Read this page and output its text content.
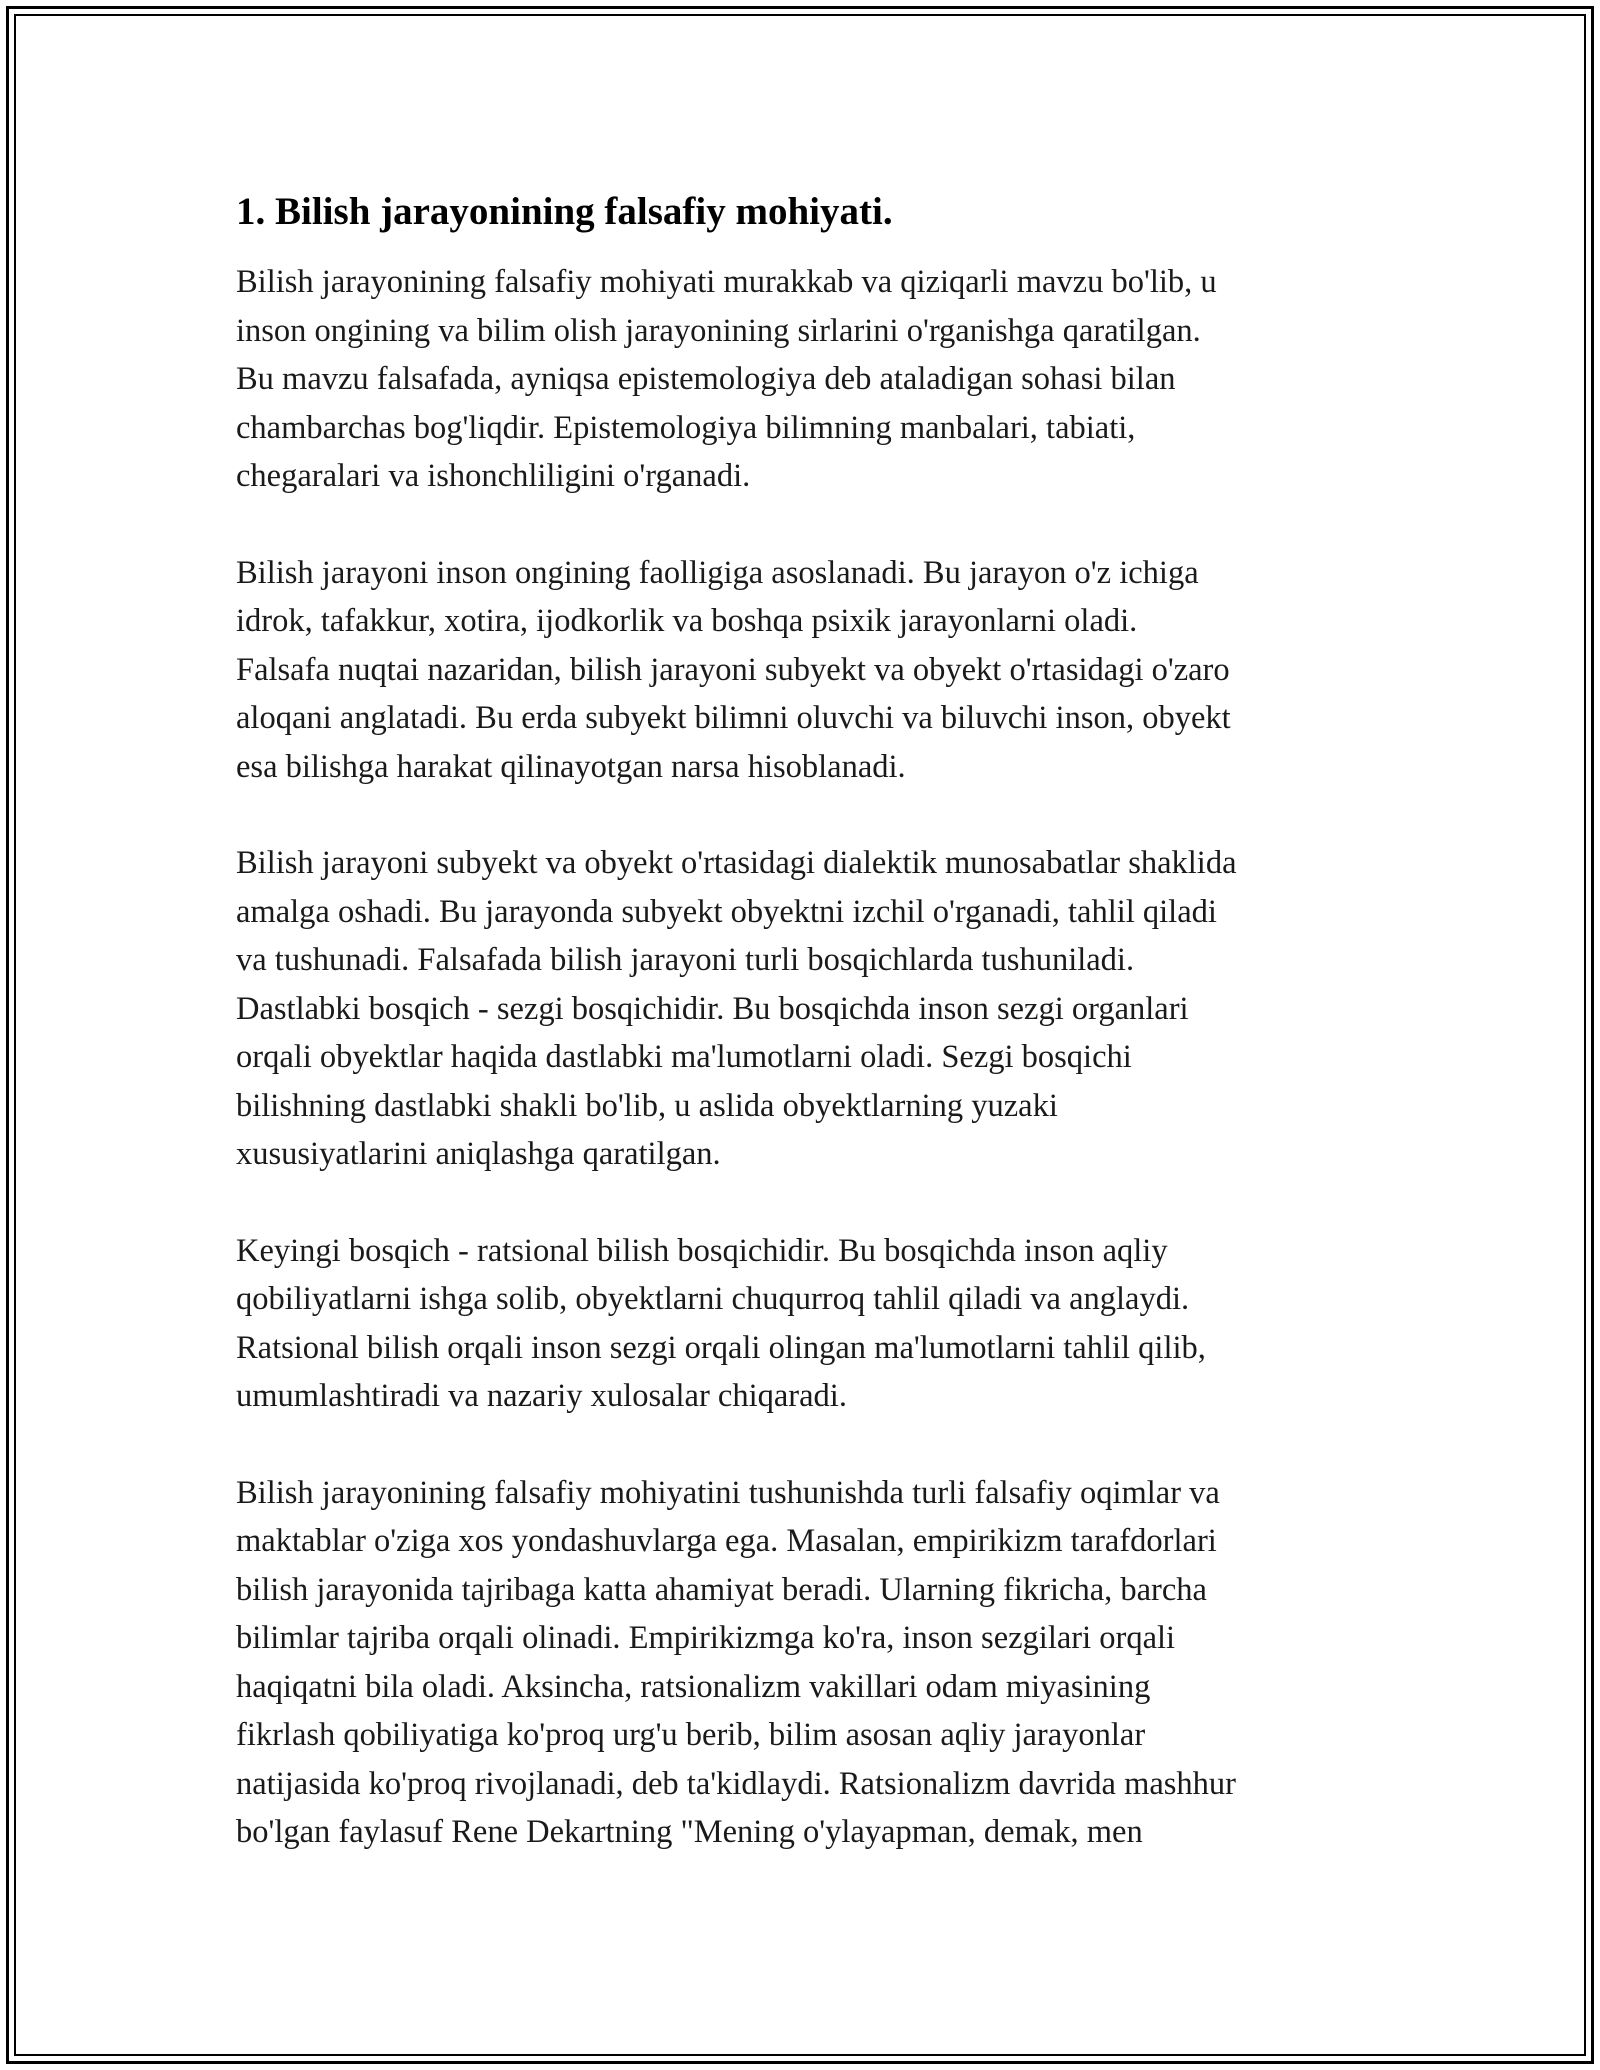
1. Bilish jarayonining falsafiy mohiyati.
Bilish jarayonining falsafiy mohiyati murakkab va qiziqarli mavzu bo'lib, u
inson ongining va bilim olish jarayonining sirlarini o'rganishga qaratilgan.
Bu mavzu falsafada, ayniqsa epistemologiya deb ataladigan sohasi bilan
chambarchas bog'liqdir. Epistemologiya bilimning manbalari, tabiati,
chegaralari va ishonchliligini o'rganadi.
Bilish jarayoni inson ongining faolligiga asoslanadi. Bu jarayon o'z ichiga
idrok, tafakkur, xotira, ijodkorlik va boshqa psixik jarayonlarni oladi.
Falsafa nuqtai nazaridan, bilish jarayoni subyekt va obyekt o'rtasidagi o'zaro
aloqani anglatadi. Bu erda subyekt bilimni oluvchi va biluvchi inson, obyekt
esa bilishga harakat qilinayotgan narsa hisoblanadi.
Bilish jarayoni subyekt va obyekt o'rtasidagi dialektik munosabatlar shaklida
amalga oshadi. Bu jarayonda subyekt obyektni izchil o'rganadi, tahlil qiladi
va tushunadi. Falsafada bilish jarayoni turli bosqichlarda tushuniladi.
Dastlabki bosqich - sezgi bosqichidir. Bu bosqichda inson sezgi organlari
orqali obyektlar haqida dastlabki ma'lumotlarni oladi. Sezgi bosqichi
bilishning dastlabki shakli bo'lib, u aslida obyektlarning yuzaki
xususiyatlarini aniqlashga qaratilgan.
Keyingi bosqich - ratsional bilish bosqichidir. Bu bosqichda inson aqliy
qobiliyatlarni ishga solib, obyektlarni chuqurroq tahlil qiladi va anglaydi.
Ratsional bilish orqali inson sezgi orqali olingan ma'lumotlarni tahlil qilib,
umumlashtiradi va nazariy xulosalar chiqaradi.
Bilish jarayonining falsafiy mohiyatini tushunishda turli falsafiy oqimlar va
maktablar o'ziga xos yondashuvlarga ega. Masalan, empirikizm tarafdorlari
bilish jarayonida tajribaga katta ahamiyat beradi. Ularning fikricha, barcha
bilimlar tajriba orqali olinadi. Empirikizmga ko'ra, inson sezgilari orqali
haqiqatni bila oladi. Aksincha, ratsionalizm vakillari odam miyasining
fikrlash qobiliyatiga ko'proq urg'u berib, bilim asosan aqliy jarayonlar
natijasida ko'proq rivojlanadi, deb ta'kidlaydi. Ratsionalizm davrida mashhur
bo'lgan faylasuf Rene Dekartning "Mening o'ylayapman, demak, men
